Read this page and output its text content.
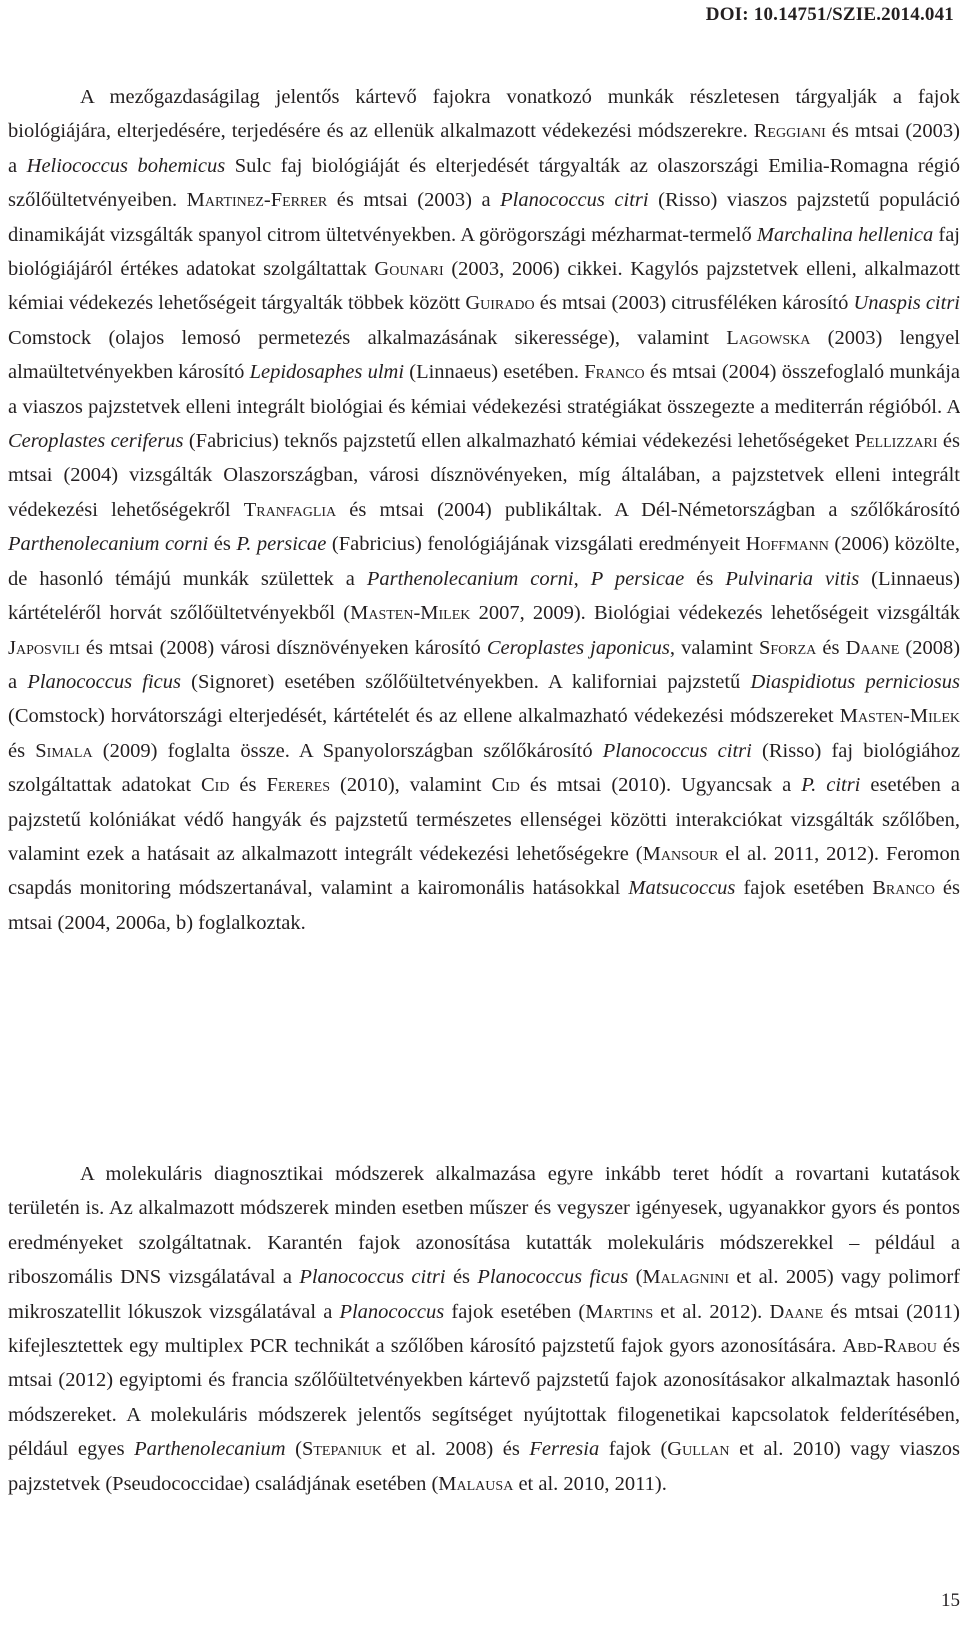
DOI: 10.14751/SZIE.2014.041

A mezőgazdaságilag jelentős kártevő fajokra vonatkozó munkák részletesen tárgyalják a fajok biológiájára, elterjedésére, terjedésére és az ellenük alkalmazott védekezési módszerekre. Reggiani és mtsai (2003) a Heliococcus bohemicus Sulc faj biológiáját és elterjedését tárgyalták az olaszországi Emilia-Romagna régió szőlőültetvényeiben. Martinez-Ferrer és mtsai (2003) a Planococcus citri (Risso) viaszos pajzstetű populáció dinamikáját vizsgálták spanyol citrom ültetvényekben. A görögországi mézharmat-termelő Marchalina hellenica faj biológiájáról értékes adatokat szolgáltattak Gounari (2003, 2006) cikkei. Kagylós pajzstetvek elleni, alkalmazott kémiai védekezés lehetőségeit tárgyalták többek között Guirado és mtsai (2003) citrusféléken károsító Unaspis citri Comstock (olajos lemosó permetezés alkalmazásának sikeressége), valamint Lagowska (2003) lengyel almaültetvényekben károsító Lepidosaphes ulmi (Linnaeus) esetében. Franco és mtsai (2004) összefoglaló munkája a viaszos pajzstetvek elleni integrált biológiai és kémiai védekezési stratégiákat összegezte a mediterrán régióból. A Ceroplastes ceriferus (Fabricius) teknős pajzstetű ellen alkalmazható kémiai védekezési lehetőségeket Pellizzari és mtsai (2004) vizsgálták Olaszországban, városi dísznövényeken, míg általában, a pajzstetvek elleni integrált védekezési lehetőségekről Tranfaglia és mtsai (2004) publikáltak. A Dél-Németországban a szőlőkárosító Parthenolecanium corni és P. persicae (Fabricius) fenológiájának vizsgálati eredményeit Hoffmann (2006) közölte, de hasonló témájú munkák születtek a Parthenolecanium corni, P persicae és Pulvinaria vitis (Linnaeus) kártételéről horvát szőlőültetvényekből (Masten-Milek 2007, 2009). Biológiai védekezés lehetőségeit vizsgálták Japosvili és mtsai (2008) városi dísznövényeken károsító Ceroplastes japonicus, valamint Sforza és Daane (2008) a Planococcus ficus (Signoret) esetében szőlőültetvényekben. A kaliforniai pajzstetű Diaspidiotus perniciosus (Comstock) horvátországi elterjedését, kártételét és az ellene alkalmazható védekezési módszereket Masten-Milek és Simala (2009) foglalta össze. A Spanyolországban szőlőkárosító Planococcus citri (Risso) faj biológiához szolgáltattak adatokat Cid és Fereres (2010), valamint Cid és mtsai (2010). Ugyancsak a P. citri esetében a pajzstetű kolóniákat védő hangyák és pajzstetű természetes ellenségei közötti interakciókat vizsgálták szőlőben, valamint ezek a hatásait az alkalmazott integrált védekezési lehetőségekre (Mansour el al. 2011, 2012). Feromon csapdás monitoring módszertanával, valamint a kairomonális hatásokkal Matsucoccus fajok esetében Branco és mtsai (2004, 2006a, b) foglalkoztak.

A molekuláris diagnosztikai módszerek alkalmazása egyre inkább teret hódít a rovartani kutatások területén is. Az alkalmazott módszerek minden esetben műszer és vegyszer igényesek, ugyanakkor gyors és pontos eredményeket szolgáltatnak. Karantén fajok azonosítása kutatták molekuláris módszerekkel – például a riboszomális DNS vizsgálatával a Planococcus citri és Planococcus ficus (Malagnini et al. 2005) vagy polimorf mikroszatellit lókuszok vizsgálatával a Planococcus fajok esetében (Martins et al. 2012). Daane és mtsai (2011) kifejlesztettek egy multiplex PCR technikát a szőlőben károsító pajzstetű fajok gyors azonosítására. Abd-Rabou és mtsai (2012) egyiptomi és francia szőlőültetvényekben kártevő pajzstetű fajok azonosításakor alkalmaztak hasonló módszereket. A molekuláris módszerek jelentős segítséget nyújtottak filogenetikai kapcsolatok felderítésében, például egyes Parthenolecanium (Stepaniuk et al. 2008) és Ferresia fajok (Gullan et al. 2010) vagy viaszos pajzstetvek (Pseudococcidae) családjának esetében (Malausa et al. 2010, 2011).

15
